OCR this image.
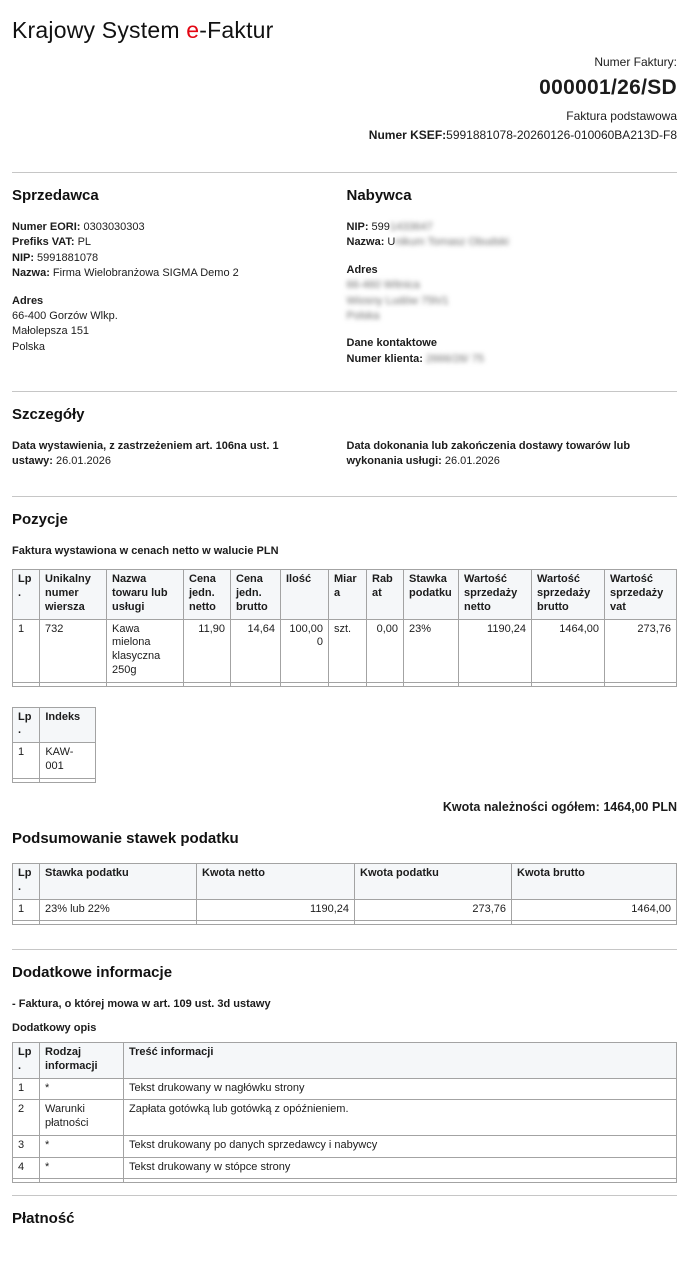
Krajowy System e-Faktur
Numer Faktury:
000001/26/SD
Faktura podstawowa
Numer KSEF:5991881078-20260126-010060BA213D-F8
Sprzedawca
Numer EORI: 0303030303
Prefiks VAT: PL
NIP: 5991881078
Nazwa: Firma Wielobranżowa SIGMA Demo 2
Adres
66-400 Gorzów Wlkp.
Małolepsza 151
Polska
Nabywca
NIP: 5991433647
Nazwa: Unikum Tomasz Obudski
Adres
66-460 Witnica
Wiosny Ludów 75h/1
Polska
Dane kontaktowe
Numer klienta: 2666/26/ 75
Szczegóły
Data wystawienia, z zastrzeżeniem art. 106na ust. 1 ustawy: 26.01.2026
Data dokonania lub zakończenia dostawy towarów lub wykonania usługi: 26.01.2026
Pozycje
Faktura wystawiona w cenach netto w walucie PLN
Lp.	Unikalny numer wiersza	Nazwa towaru lub usługi	Cena jedn. netto	Cena jedn. brutto	Ilość	Miara	Rabat	Stawka podatku	Wartość sprzedaży netto	Wartość sprzedaży brutto	Wartość sprzedaży vat
1	732	Kawa mielona klasyczna 250g	11,90	14,64	100,000	szt.	0,00	23%	1190,24	1464,00	273,76

Lp.	Indeks
1	KAW-001

Kwota należności ogółem: 1464,00 PLN
Podsumowanie stawek podatku
Lp.	Stawka podatku	Kwota netto	Kwota podatku	Kwota brutto
1	23% lub 22%	1190,24	273,76	1464,00

Dodatkowe informacje
- Faktura, o której mowa w art. 109 ust. 3d ustawy
Dodatkowy opis
Lp.	Rodzaj informacji	Treść informacji
1	*	Tekst drukowany w nagłówku strony
2	Warunki płatności	Zapłata gotówką lub gotówką z opóźnieniem.
3	*	Tekst drukowany po danych sprzedawcy i nabywcy
4	*	Tekst drukowany w stópce strony

Płatność
